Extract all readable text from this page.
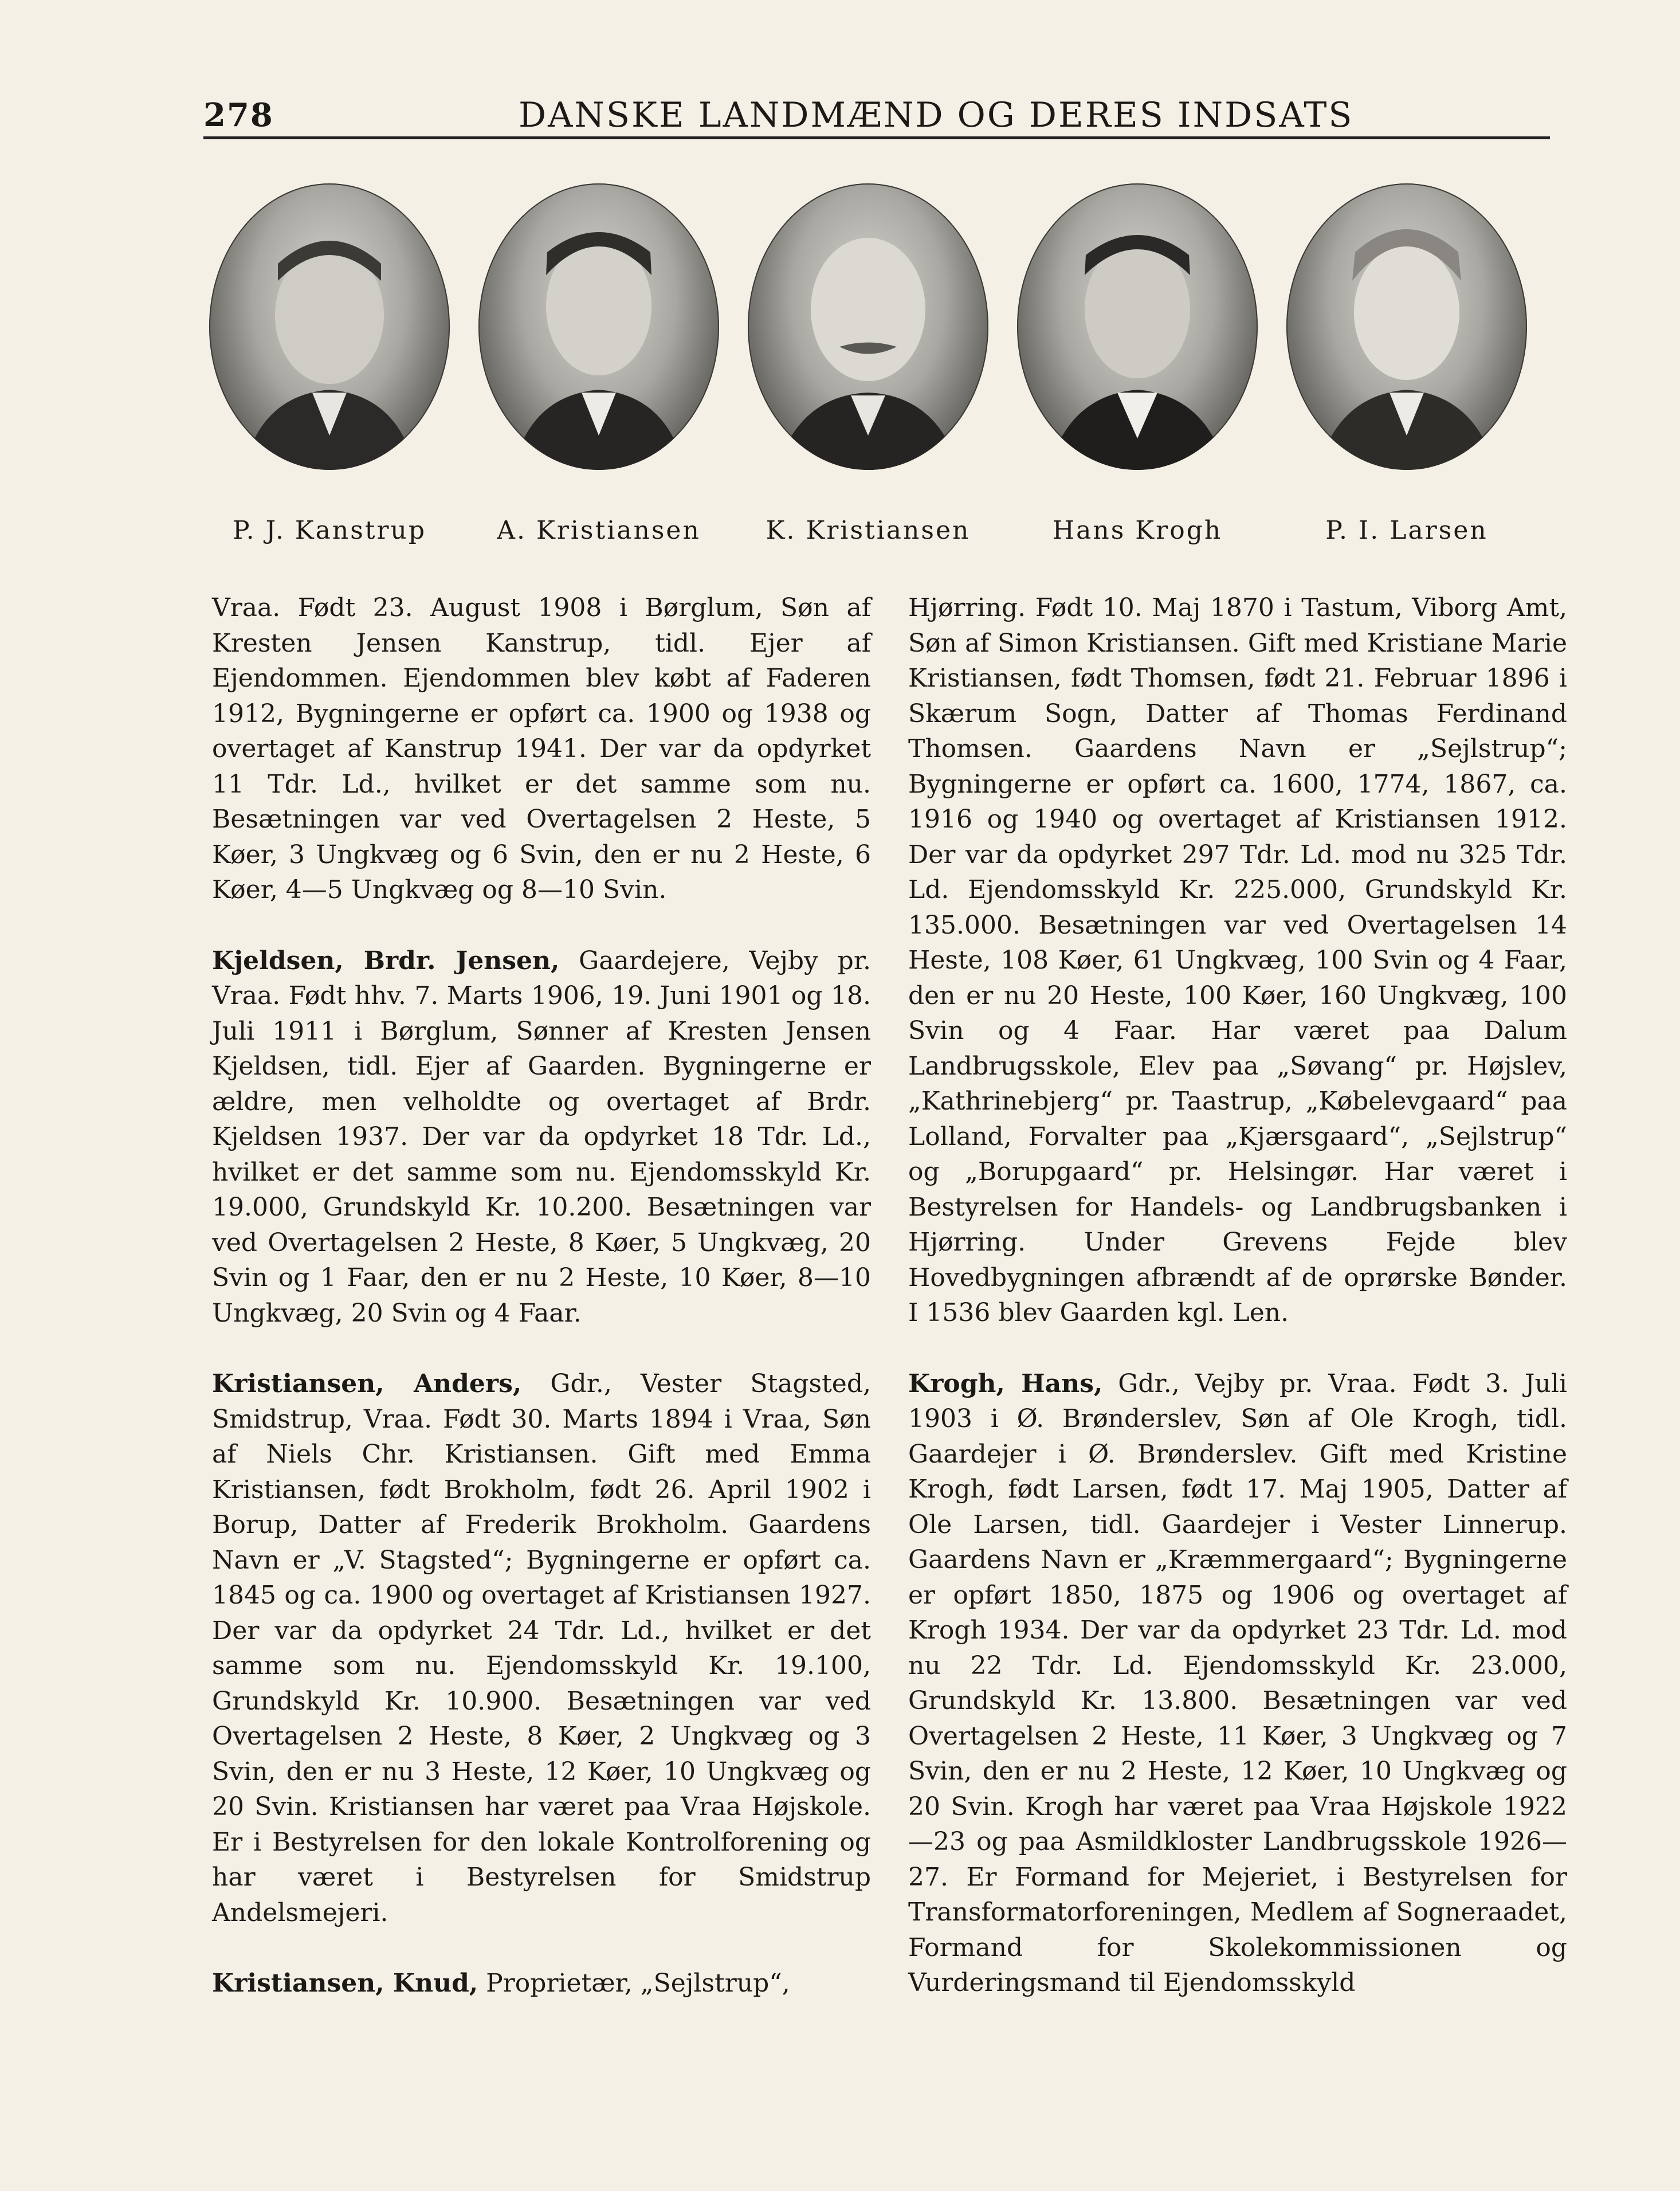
278	DANSKE LANDMÆND OG DERES INDSATS
P. J. Kanstrup	A. Kristiansen	K. Kristiansen	Hans Krogh	P. I. Larsen

Vraa. Født 23. August 1908 i Børglum, Søn af Kresten Jensen Kanstrup, tidl. Ejer af Ejendommen. Ejendommen blev købt af Faderen 1912, Bygningerne er opført ca. 1900 og 1938 og overtaget af Kanstrup 1941. Der var da opdyrket 11 Tdr. Ld., hvilket er det samme som nu. Besætningen var ved Overtagelsen 2 Heste, 5 Køer, 3 Ungkvæg og 6 Svin, den er nu 2 Heste, 6 Køer, 4—5 Ungkvæg og 8—10 Svin.

Kjeldsen, Brdr. Jensen, Gaardejere, Vejby pr. Vraa. Født hhv. 7. Marts 1906, 19. Juni 1901 og 18. Juli 1911 i Børglum, Sønner af Kresten Jensen Kjeldsen, tidl. Ejer af Gaarden. Bygningerne er ældre, men velholdte og overtaget af Brdr. Kjeldsen 1937. Der var da opdyrket 18 Tdr. Ld., hvilket er det samme som nu. Ejendomsskyld Kr. 19.000, Grundskyld Kr. 10.200. Besætningen var ved Overtagelsen 2 Heste, 8 Køer, 5 Ungkvæg, 20 Svin og 1 Faar, den er nu 2 Heste, 10 Køer, 8—10 Ungkvæg, 20 Svin og 4 Faar.

Kristiansen, Anders, Gdr., Vester Stagsted, Smidstrup, Vraa. Født 30. Marts 1894 i Vraa, Søn af Niels Chr. Kristiansen. Gift med Emma Kristiansen, født Brokholm, født 26. April 1902 i Borup, Datter af Frederik Brokholm. Gaardens Navn er „V. Stagsted“; Bygningerne er opført ca. 1845 og ca. 1900 og overtaget af Kristiansen 1927. Der var da opdyrket 24 Tdr. Ld., hvilket er det samme som nu. Ejendomsskyld Kr. 19.100, Grundskyld Kr. 10.900. Besætningen var ved Overtagelsen 2 Heste, 8 Køer, 2 Ungkvæg og 3 Svin, den er nu 3 Heste, 12 Køer, 10 Ungkvæg og 20 Svin. Kristiansen har været paa Vraa Højskole. Er i Bestyrelsen for den lokale Kontrolforening og har været i Bestyrelsen for Smidstrup Andelsmejeri.

Kristiansen, Knud, Proprietær, „Sejlstrup“,

Hjørring. Født 10. Maj 1870 i Tastum, Viborg Amt, Søn af Simon Kristiansen. Gift med Kristiane Marie Kristiansen, født Thomsen, født 21. Februar 1896 i Skærum Sogn, Datter af Thomas Ferdinand Thomsen. Gaardens Navn er „Sejlstrup“; Bygningerne er opført ca. 1600, 1774, 1867, ca. 1916 og 1940 og overtaget af Kristiansen 1912. Der var da opdyrket 297 Tdr. Ld. mod nu 325 Tdr. Ld. Ejendomsskyld Kr. 225.000, Grundskyld Kr. 135.000. Besætningen var ved Overtagelsen 14 Heste, 108 Køer, 61 Ungkvæg, 100 Svin og 4 Faar, den er nu 20 Heste, 100 Køer, 160 Ungkvæg, 100 Svin og 4 Faar. Har været paa Dalum Landbrugsskole, Elev paa „Søvang“ pr. Højslev, „Kathrinebjerg“ pr. Taastrup, „Købelevgaard“ paa Lolland, Forvalter paa „Kjærsgaard“, „Sejlstrup“ og „Borupgaard“ pr. Helsingør. Har været i Bestyrelsen for Handels- og Landbrugsbanken i Hjørring. Under Grevens Fejde blev Hovedbygningen afbrændt af de oprørske Bønder. I 1536 blev Gaarden kgl. Len.

Krogh, Hans, Gdr., Vejby pr. Vraa. Født 3. Juli 1903 i Ø. Brønderslev, Søn af Ole Krogh, tidl. Gaardejer i Ø. Brønderslev. Gift med Kristine Krogh, født Larsen, født 17. Maj 1905, Datter af Ole Larsen, tidl. Gaardejer i Vester Linnerup. Gaardens Navn er „Kræmmergaard“; Bygningerne er opført 1850, 1875 og 1906 og overtaget af Krogh 1934. Der var da opdyrket 23 Tdr. Ld. mod nu 22 Tdr. Ld. Ejendomsskyld Kr. 23.000, Grundskyld Kr. 13.800. Besætningen var ved Overtagelsen 2 Heste, 11 Køer, 3 Ungkvæg og 7 Svin, den er nu 2 Heste, 12 Køer, 10 Ungkvæg og 20 Svin. Krogh har været paa Vraa Højskole 1922—23 og paa Asmildkloster Landbrugsskole 1926—27. Er Formand for Mejeriet, i Bestyrelsen for Transformatorforeningen, Medlem af Sogneraadet, Formand for Skolekommissionen og Vurderingsmand til Ejendomsskyld
